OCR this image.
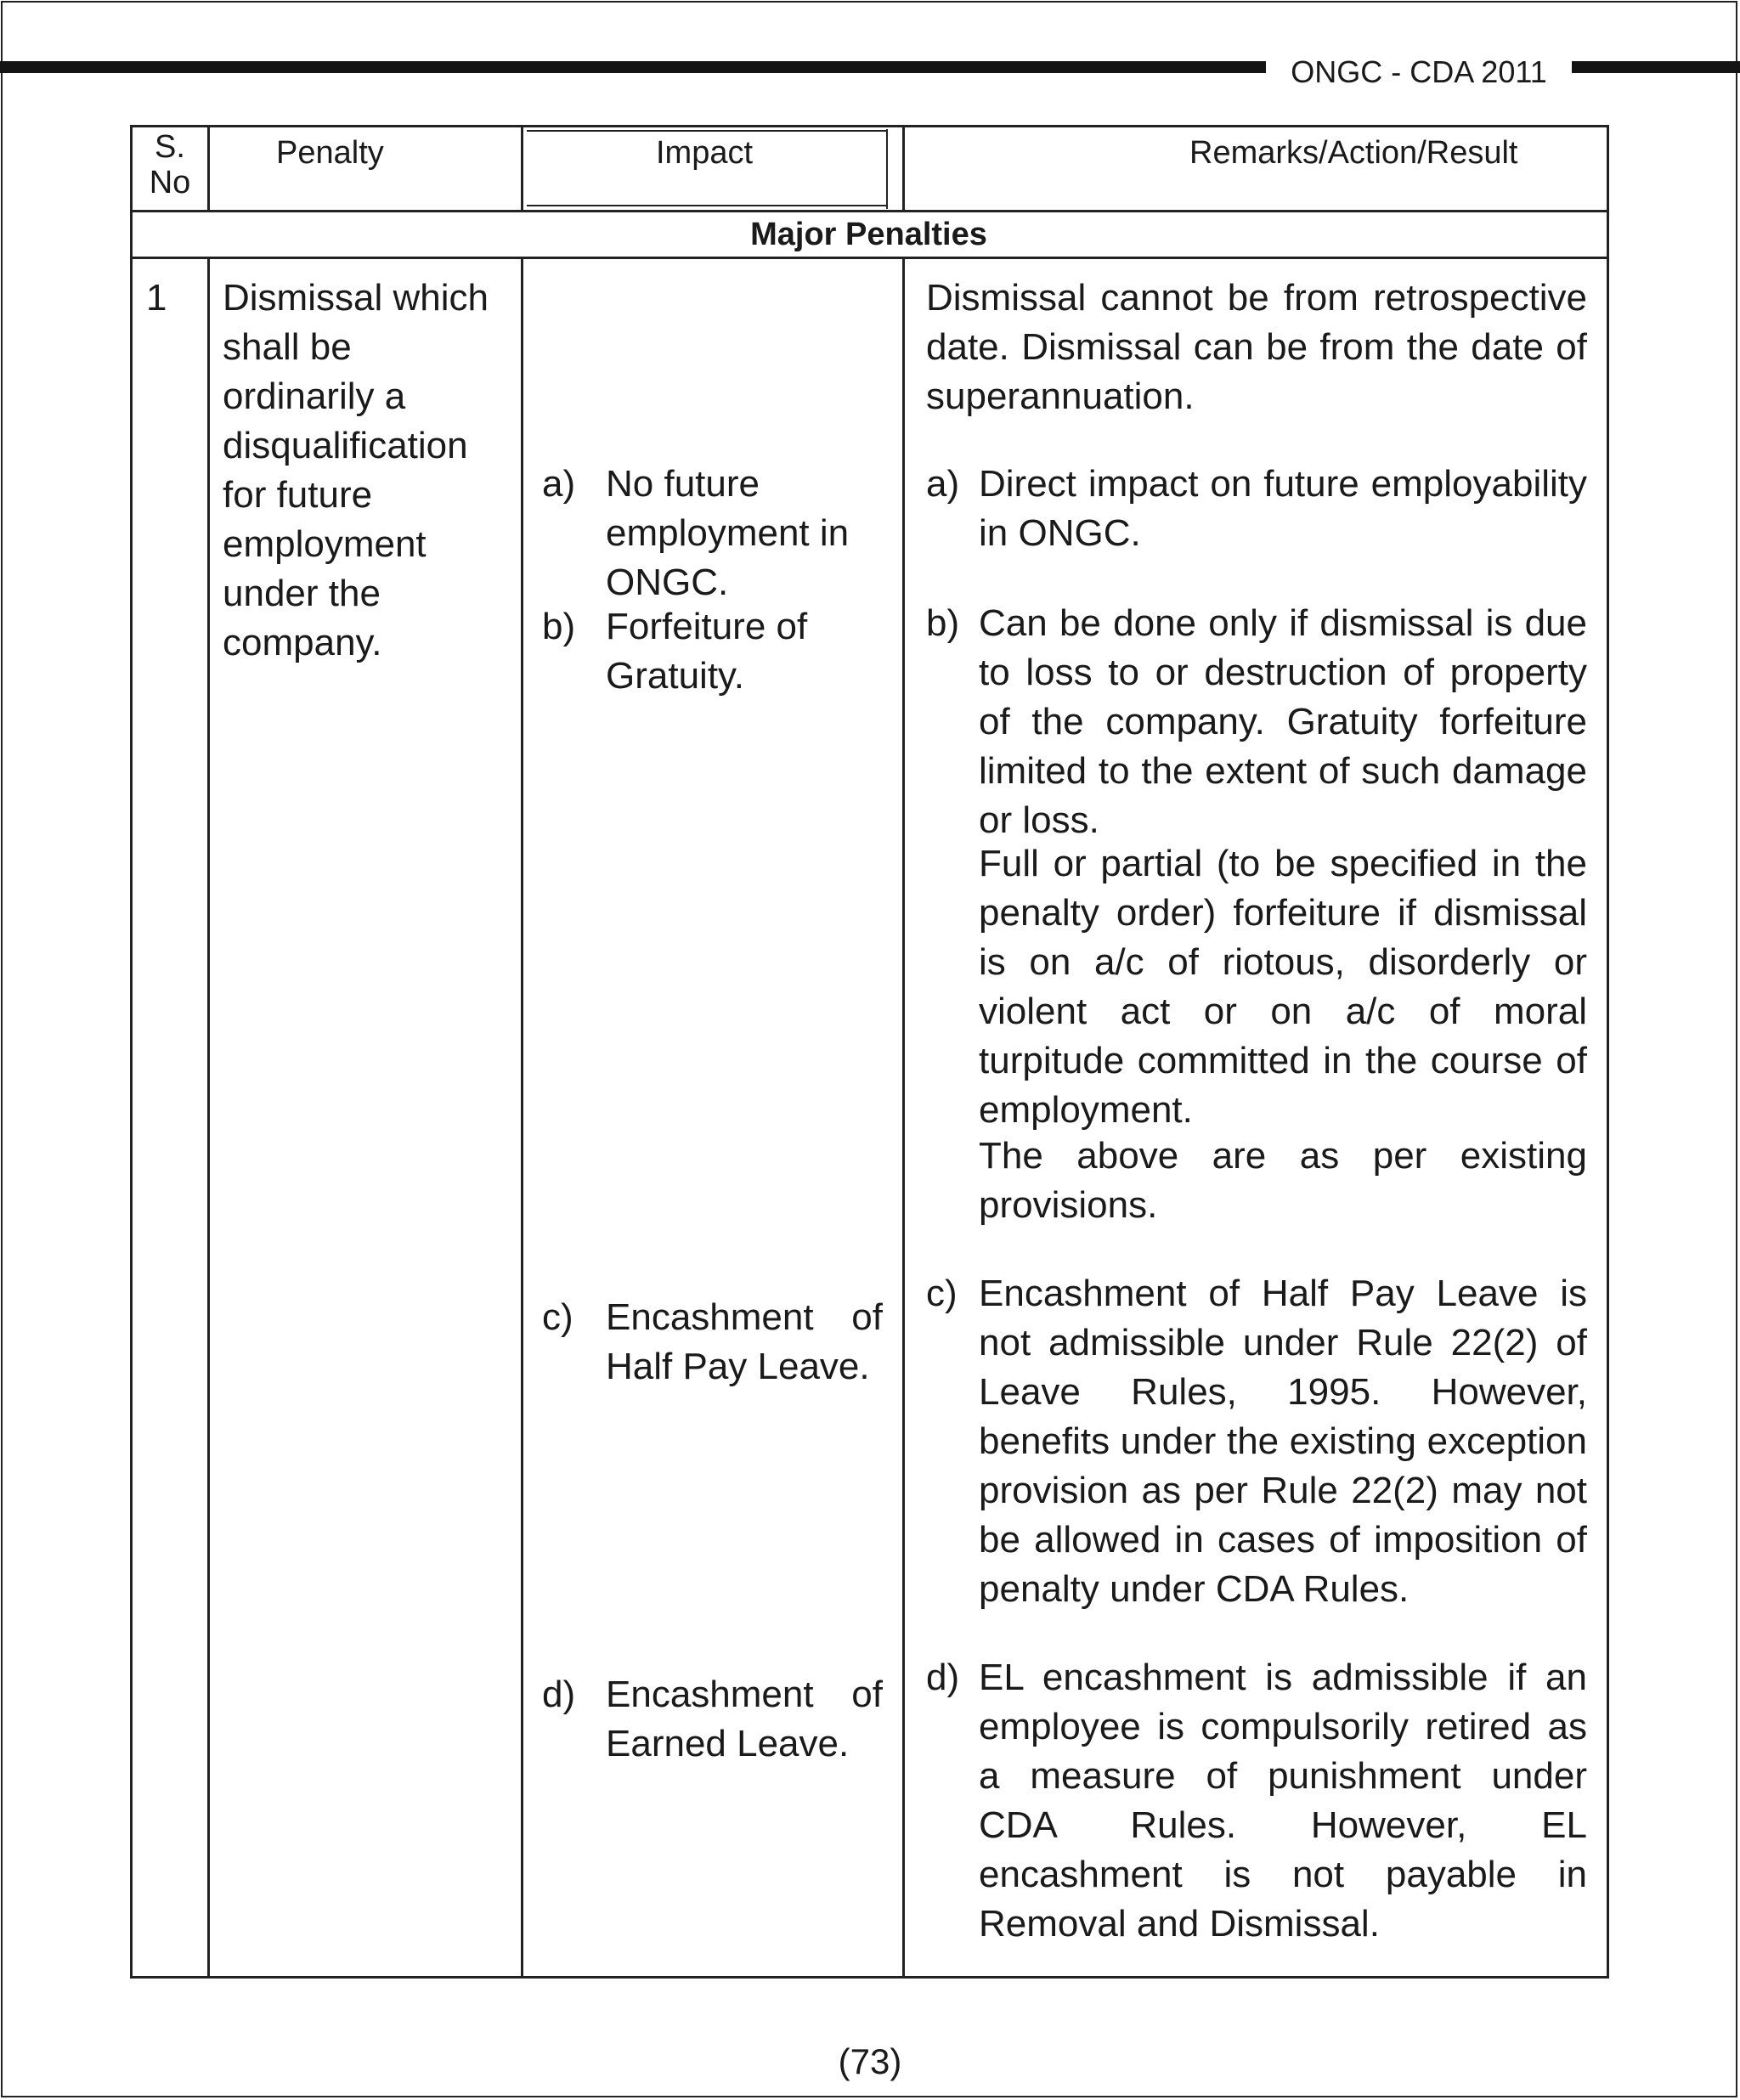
ONGC - CDA 2011
S. No
Penalty	Impact	Remarks/Action/Result
Major Penalties
1 Dismissal which shall be ordinarily a disqualification for future employment under the company.
Dismissal cannot be from retrospective date. Dismissal can be from the date of superannuation.
a) No future employment in ONGC.
a) Direct impact on future employability in ONGC.
b) Forfeiture of Gratuity.
b) Can be done only if dismissal is due to loss to or destruction of property of the company. Gratuity forfeiture limited to the extent of such damage or loss.
Full or partial (to be specified in the penalty order) forfeiture if dismissal is on a/c of riotous, disorderly or violent act or on a/c of moral turpitude committed in the course of employment.
The above are as per existing provisions.
c) Encashment of Half Pay Leave.
c) Encashment of Half Pay Leave is not admissible under Rule 22(2) of Leave Rules, 1995. However, benefits under the existing exception provision as per Rule 22(2) may not be allowed in cases of imposition of penalty under CDA Rules.
d) Encashment of Earned Leave.
d) EL encashment is admissible if an employee is compulsorily retired as a measure of punishment under CDA Rules. However, EL encashment is not payable in Removal and Dismissal.
(73)
